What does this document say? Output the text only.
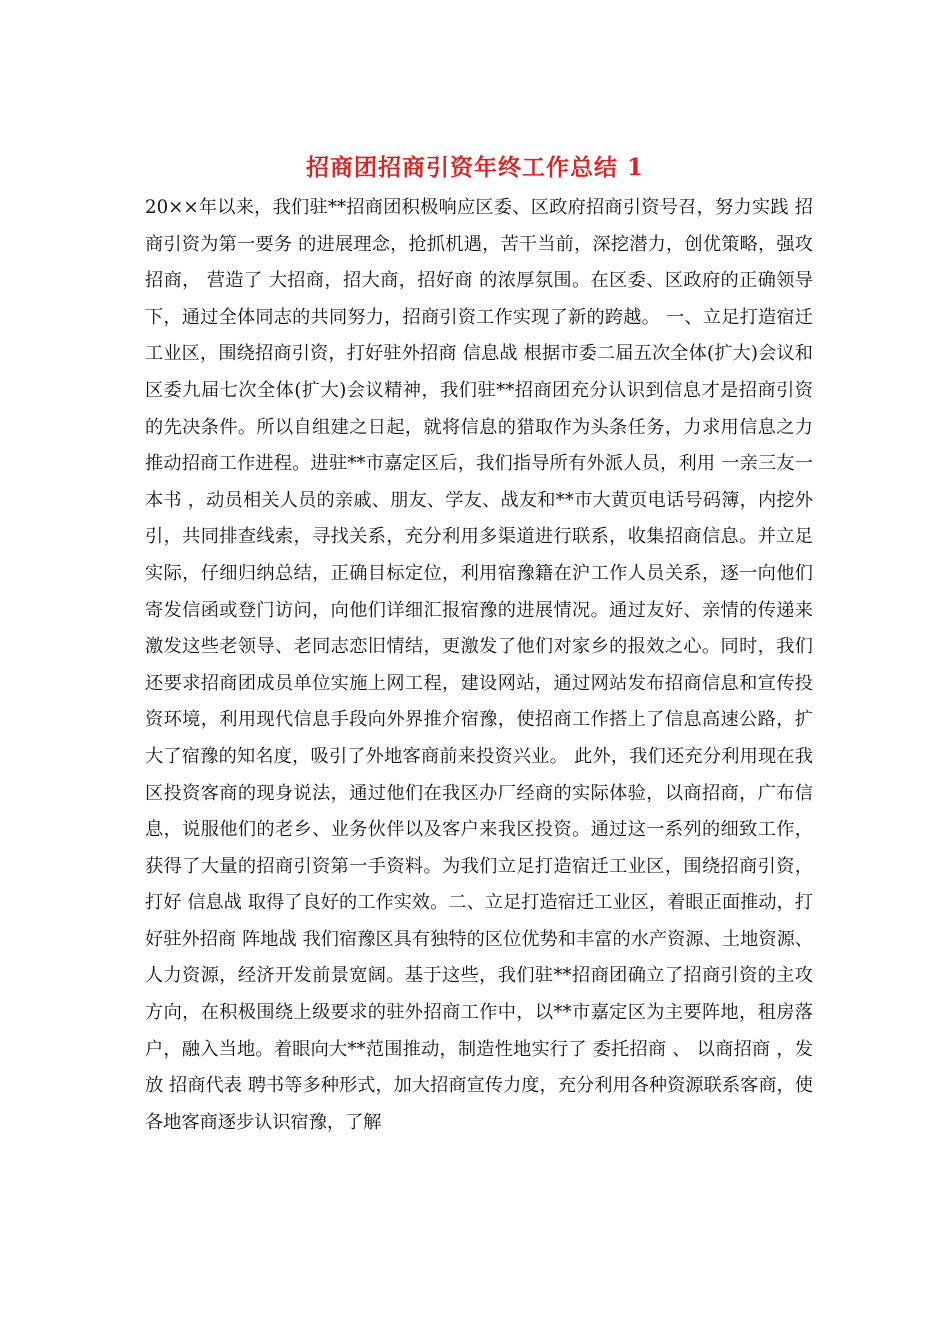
招商团招商引资年终工作总结 1

20××年以来，我们驻**招商团积极响应区委、区政府招商引资号召，努力实践 招商引资为第一要务 的进展理念，抢抓机遇，苦干当前，深挖潜力，创优策略，强攻招商， 营造了 大招商，招大商，招好商 的浓厚氛围。在区委、区政府的正确领导下，通过全体同志的共同努力，招商引资工作实现了新的跨越。 一、立足打造宿迁工业区，围绕招商引资，打好驻外招商 信息战 根据市委二届五次全体(扩大)会议和区委九届七次全体(扩大)会议精神，我们驻**招商团充分认识到信息才是招商引资的先决条件。所以自组建之日起，就将信息的猎取作为头条任务，力求用信息之力推动招商工作进程。进驻**市嘉定区后，我们指导所有外派人员，利用 一亲三友一本书 ，动员相关人员的亲戚、朋友、学友、战友和**市大黄页电话号码簿，内挖外引，共同排查线索，寻找关系，充分利用多渠道进行联系，收集招商信息。并立足实际，仔细归纳总结，正确目标定位，利用宿豫籍在沪工作人员关系，逐一向他们寄发信函或登门访问，向他们详细汇报宿豫的进展情况。通过友好、亲情的传递来激发这些老领导、老同志恋旧情结，更激发了他们对家乡的报效之心。同时，我们还要求招商团成员单位实施上网工程，建设网站，通过网站发布招商信息和宣传投资环境，利用现代信息手段向外界推介宿豫，使招商工作搭上了信息高速公路，扩大了宿豫的知名度，吸引了外地客商前来投资兴业。 此外，我们还充分利用现在我区投资客商的现身说法，通过他们在我区办厂经商的实际体验，以商招商，广布信息，说服他们的老乡、业务伙伴以及客户来我区投资。通过这一系列的细致工作，获得了大量的招商引资第一手资料。为我们立足打造宿迁工业区，围绕招商引资，打好 信息战 取得了良好的工作实效。二、立足打造宿迁工业区，着眼正面推动，打好驻外招商 阵地战 我们宿豫区具有独特的区位优势和丰富的水产资源、土地资源、人力资源，经济开发前景宽阔。基于这些，我们驻**招商团确立了招商引资的主攻方向，在积极围绕上级要求的驻外招商工作中，以**市嘉定区为主要阵地，租房落户，融入当地。着眼向大**范围推动，制造性地实行了 委托招商 、 以商招商 ，发放 招商代表 聘书等多种形式，加大招商宣传力度，充分利用各种资源联系客商，使各地客商逐步认识宿豫，了解
